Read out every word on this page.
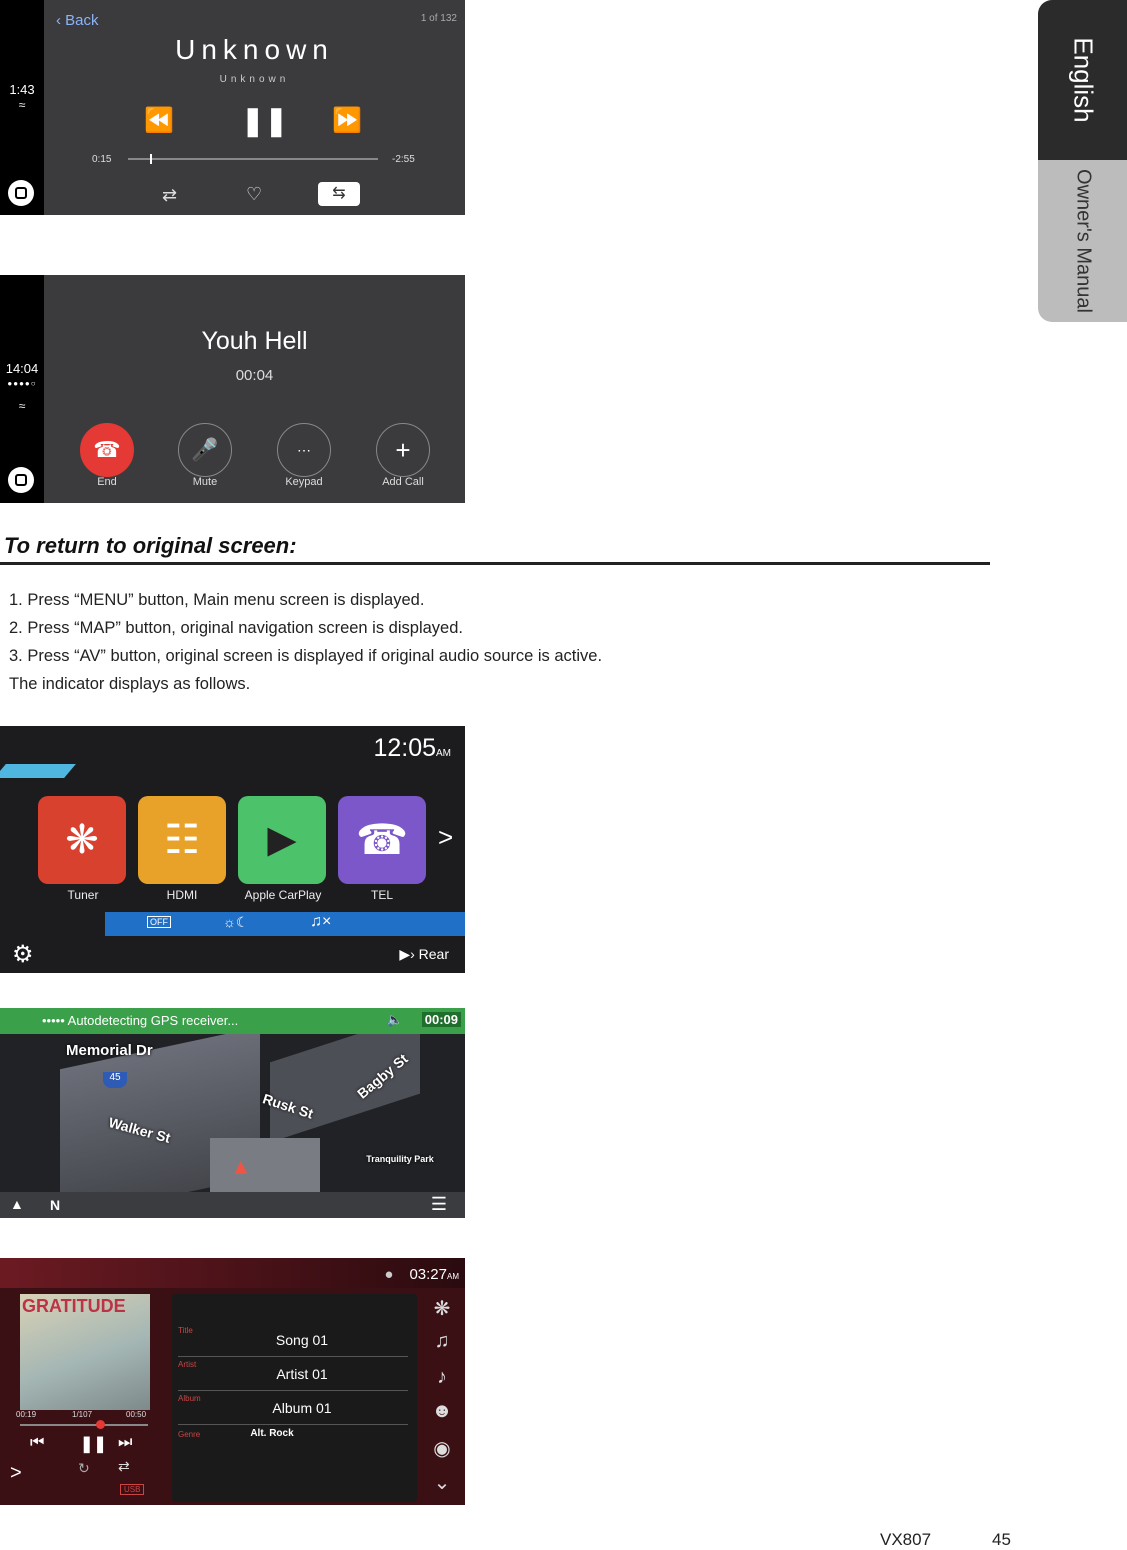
English
Owner's Manual
1:43
≈
‹ Back	1 of 132
Unknown
Unknown
⏪ ❚❚ ⏩
0:15	-2:55
⇄	♡	⇆
14:04
●●●●○
≈
Youh Hell
00:04
☎	🎤	⋯	+
End	Mute	Keypad	Add Call
To return to original screen:
1. Press “MENU” button, Main menu screen is displayed.
2. Press “MAP” button, original navigation screen is displayed.
3. Press “AV” button, original screen is displayed if original audio source is active.
The indicator displays as follows.
12:05AM
❋	☷	▶	☎
Tuner	HDMI	Apple CarPlay	TEL
>
OFF	☼☾	♫×
⚙	▶› Rear
••••• Autodetecting GPS receiver...	🔈 00:09
Memorial Dr
Rusk St
Bagby St
Walker St
Tranquility Park
45
▲
▲ N	☰
● 03:27AM
GRATITUDE
00:19	1/107	00:50
⏮ ❚❚ ⏭
↻ ⇄
>
USB
Title
Song 01
Artist
Artist 01
Album
Album 01
Genre	Alt. Rock
❋
♫
♪
☻
◉
⌄
VX807	45
